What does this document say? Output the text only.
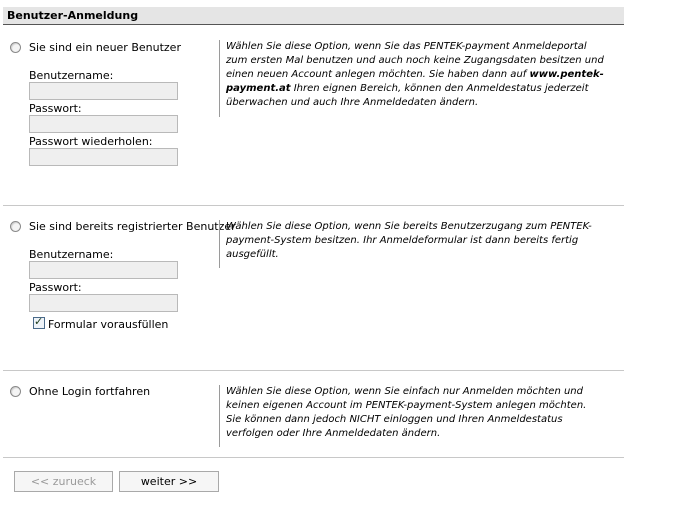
Benutzer-Anmeldung
Sie sind ein neuer Benutzer
Benutzername:
Passwort:
Passwort wiederholen:
Wählen Sie diese Option, wenn Sie das PENTEK-payment Anmeldeportal zum ersten Mal benutzen und auch noch keine Zugangsdaten besitzen und einen neuen Account anlegen möchten. Sie haben dann auf www.pentek-payment.at Ihren eignen Bereich, können den Anmeldestatus jederzeit überwachen und auch Ihre Anmeldedaten ändern.
Sie sind bereits registrierter Benutzer
Benutzername:
Passwort:
✓ Formular vorausfüllen
Wählen Sie diese Option, wenn Sie bereits Benutzerzugang zum PENTEK-payment-System besitzen. Ihr Anmeldeformular ist dann bereits fertig ausgefüllt.
Ohne Login fortfahren	Wählen Sie diese Option, wenn Sie einfach nur Anmelden möchten und keinen eigenen Account im PENTEK-payment-System anlegen möchten. Sie können dann jedoch NICHT einloggen und Ihren Anmeldestatus verfolgen oder Ihre Anmeldedaten ändern.
<< zurueck	weiter >>
